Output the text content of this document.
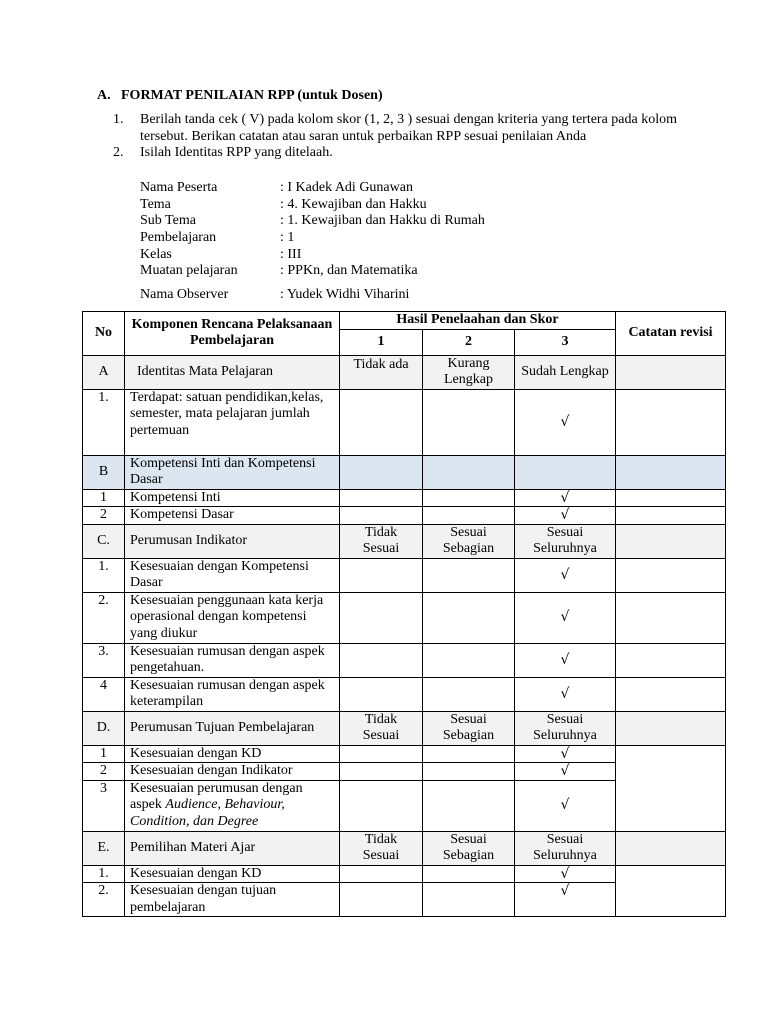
A. FORMAT PENILAIAN RPP (untuk Dosen)
1. Berilah tanda cek ( V) pada kolom skor (1, 2, 3 ) sesuai dengan kriteria yang tertera pada kolom tersebut. Berikan catatan atau saran untuk perbaikan RPP sesuai penilaian Anda
2. Isilah Identitas RPP yang ditelaah.
Nama Peserta	: I Kadek Adi Gunawan
Tema	: 4. Kewajiban dan Hakku
Sub Tema	: 1. Kewajiban dan Hakku di Rumah
Pembelajaran	: 1
Kelas	: III
Muatan pelajaran	: PPKn, dan Matematika
Nama Observer	: Yudek Widhi Viharini
No	Komponen Rencana Pelaksanaan Pembelajaran	Hasil Penelaahan dan Skor			Catatan revisi
		1	2	3	
A	Identitas Mata Pelajaran	Tidak ada	Kurang Lengkap	Sudah Lengkap	
1.	Terdapat: satuan pendidikan,kelas, semester, mata pelajaran jumlah pertemuan			√	
B	Kompetensi Inti dan Kompetensi Dasar				
1	Kompetensi Inti			√	
2	Kompetensi Dasar			√	
C.	Perumusan Indikator	Tidak Sesuai	Sesuai Sebagian	Sesuai Seluruhnya	
1.	Kesesuaian dengan Kompetensi Dasar			√	
2.	Kesesuaian penggunaan kata kerja operasional dengan kompetensi yang diukur			√	
3.	Kesesuaian rumusan dengan aspek pengetahuan.			√	
4	Kesesuaian rumusan dengan aspek keterampilan			√	
D.	Perumusan Tujuan Pembelajaran	Tidak Sesuai	Sesuai Sebagian	Sesuai Seluruhnya	
1	Kesesuaian dengan KD			√	
2	Kesesuaian dengan Indikator			√	
3	Kesesuaian perumusan dengan aspek Audience, Behaviour, Condition, dan Degree			√	
E.	Pemilihan Materi Ajar	Tidak Sesuai	Sesuai Sebagian	Sesuai Seluruhnya	
1.	Kesesuaian dengan KD			√	
2.	Kesesuaian dengan tujuan pembelajaran			√	
